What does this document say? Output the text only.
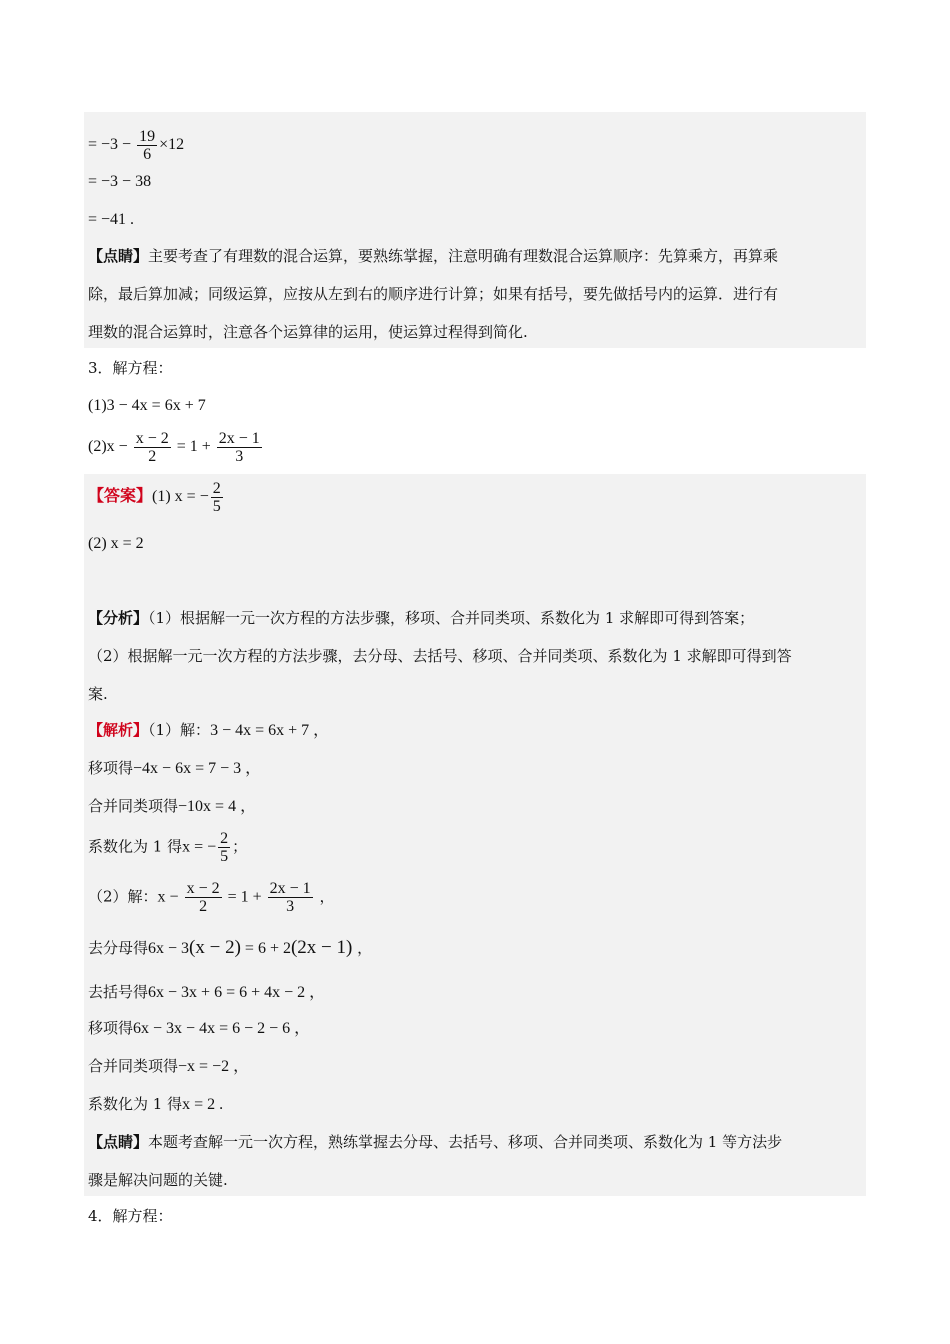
= $-3 - \frac{19}{6} \times 12$
= −3 − 38
= −41 .
【点睛】主要考查了有理数的混合运算，要熟练掌握，注意明确有理数混合运算顺序：先算乘方，再算乘
除，最后算加减；同级运算，应按从左到右的顺序进行计算；如果有括号，要先做括号内的运算．进行有
理数的混合运算时，注意各个运算律的运用，使运算过程得到简化.
3．解方程：
(1)3 − 4x = 6x + 7
$(2)x - \frac{x - 2}{2} = 1 + \frac{2x - 1}{3}$
【答案】(1) x = − $\frac{2}{5}$
(2) x = 2
【分析】（1）根据解一元一次方程的方法步骤，移项、合并同类项、系数化为 1 求解即可得到答案；
（2）根据解一元一次方程的方法步骤，去分母、去括号、移项、合并同类项、系数化为 1 求解即可得到答
案.
【解析】（1）解：3 − 4x = 6x + 7 ，
移项得−4x − 6x = 7 − 3 ，
合并同类项得−10x = 4 ，
系数化为 1 得x = − $\frac{2}{5}$ ；
（2）解：$x - \frac{x - 2}{2} = 1 + \frac{2x - 1}{3}$ ，
去分母得6x − 3(x − 2) = 6 + 2(2x − 1) ，
去括号得6x − 3x + 6 = 6 + 4x − 2 ，
移项得6x − 3x − 4x = 6 − 2 − 6 ，
合并同类项得−x = −2 ，
系数化为 1 得x = 2 .
【点睛】本题考查解一元一次方程，熟练掌握去分母、去括号、移项、合并同类项、系数化为 1 等方法步
骤是解决问题的关键.
4．解方程：
